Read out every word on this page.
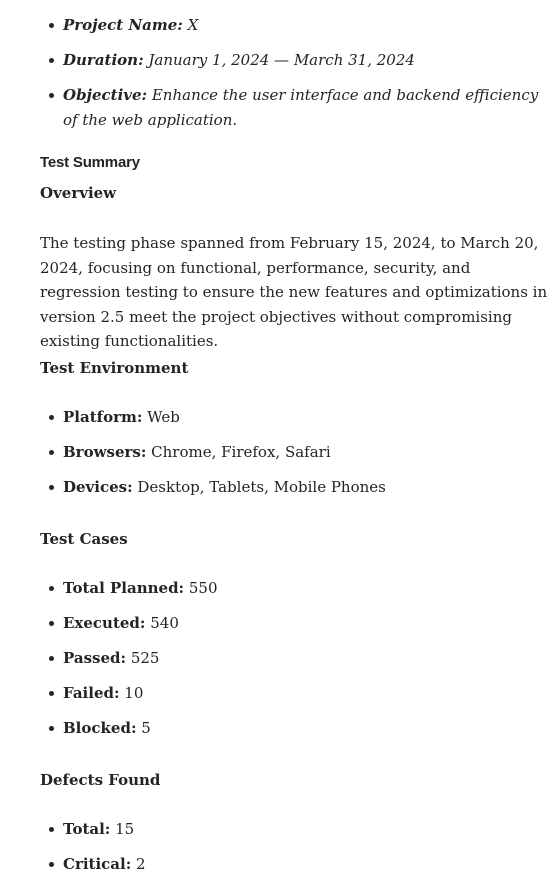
Project Name: X
Duration: January 1, 2024 — March 31, 2024
Objective: Enhance the user interface and backend efficiency of the web application.
Test Summary
Overview

The testing phase spanned from February 15, 2024, to March 20, 2024, focusing on functional, performance, security, and regression testing to ensure the new features and optimizations in version 2.5 meet the project objectives without compromising existing functionalities.

Test Environment
Platform: Web
Browsers: Chrome, Firefox, Safari
Devices: Desktop, Tablets, Mobile Phones
Test Cases
Total Planned: 550
Executed: 540
Passed: 525
Failed: 10
Blocked: 5
Defects Found
Total: 15
Critical: 2
